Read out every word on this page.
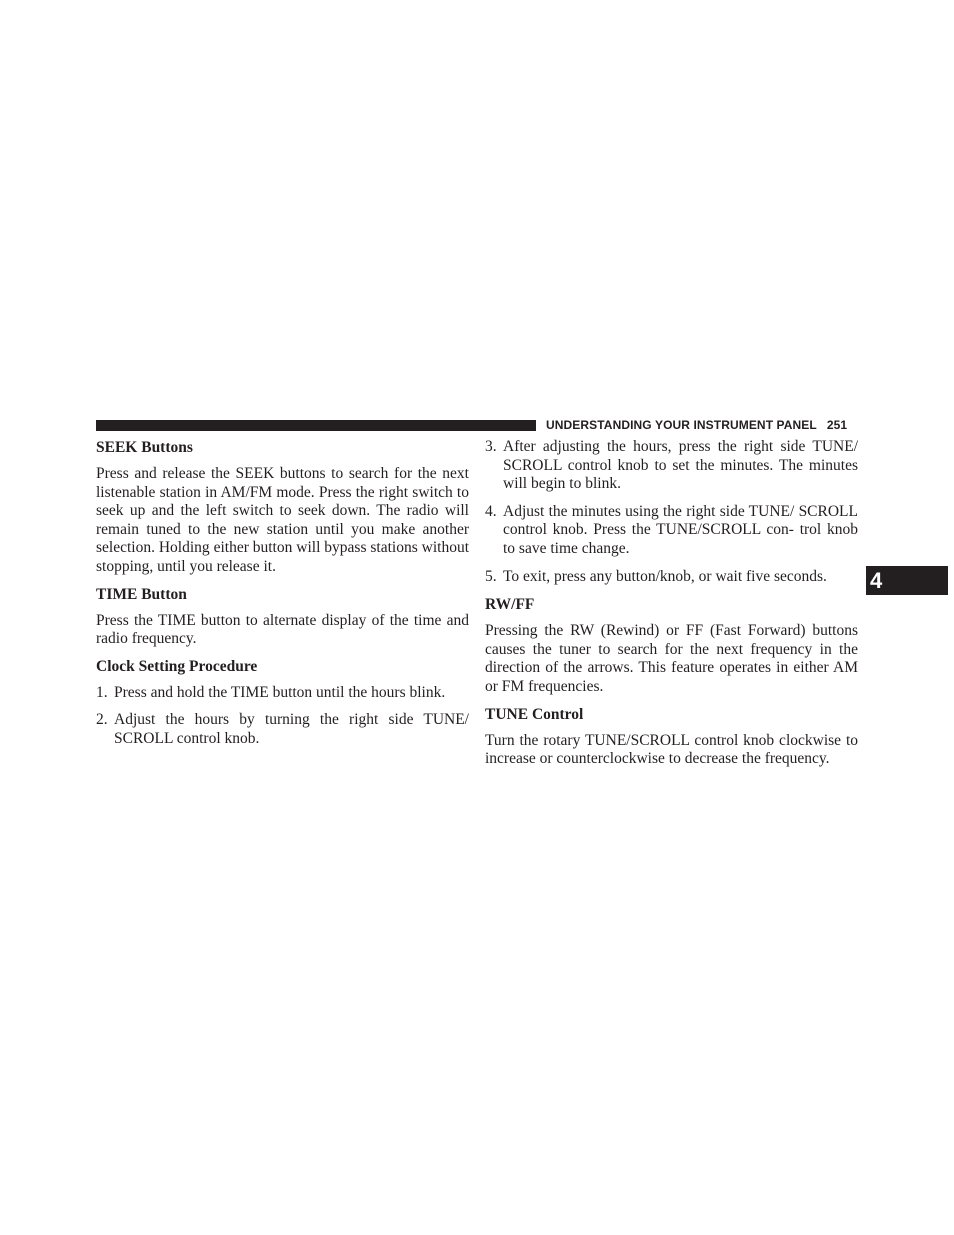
UNDERSTANDING YOUR INSTRUMENT PANEL 251
4
SEEK Buttons

Press and release the SEEK buttons to search for the next listenable station in AM/FM mode. Press the right switch to seek up and the left switch to seek down. The radio will remain tuned to the new station until you make another selection. Holding either button will bypass stations without stopping, until you release it.

TIME Button

Press the TIME button to alternate display of the time and radio frequency.

Clock Setting Procedure
1. Press and hold the TIME button until the hours blink.
2. Adjust the hours by turning the right side TUNE/ SCROLL control knob.
3. After adjusting the hours, press the right side TUNE/ SCROLL control knob to set the minutes. The minutes will begin to blink.
4. Adjust the minutes using the right side TUNE/ SCROLL control knob. Press the TUNE/SCROLL con- trol knob to save time change.
5. To exit, press any button/knob, or wait five seconds.
RW/FF

Pressing the RW (Rewind) or FF (Fast Forward) buttons causes the tuner to search for the next frequency in the direction of the arrows. This feature operates in either AM or FM frequencies.

TUNE Control

Turn the rotary TUNE/SCROLL control knob clockwise to increase or counterclockwise to decrease the frequency.
